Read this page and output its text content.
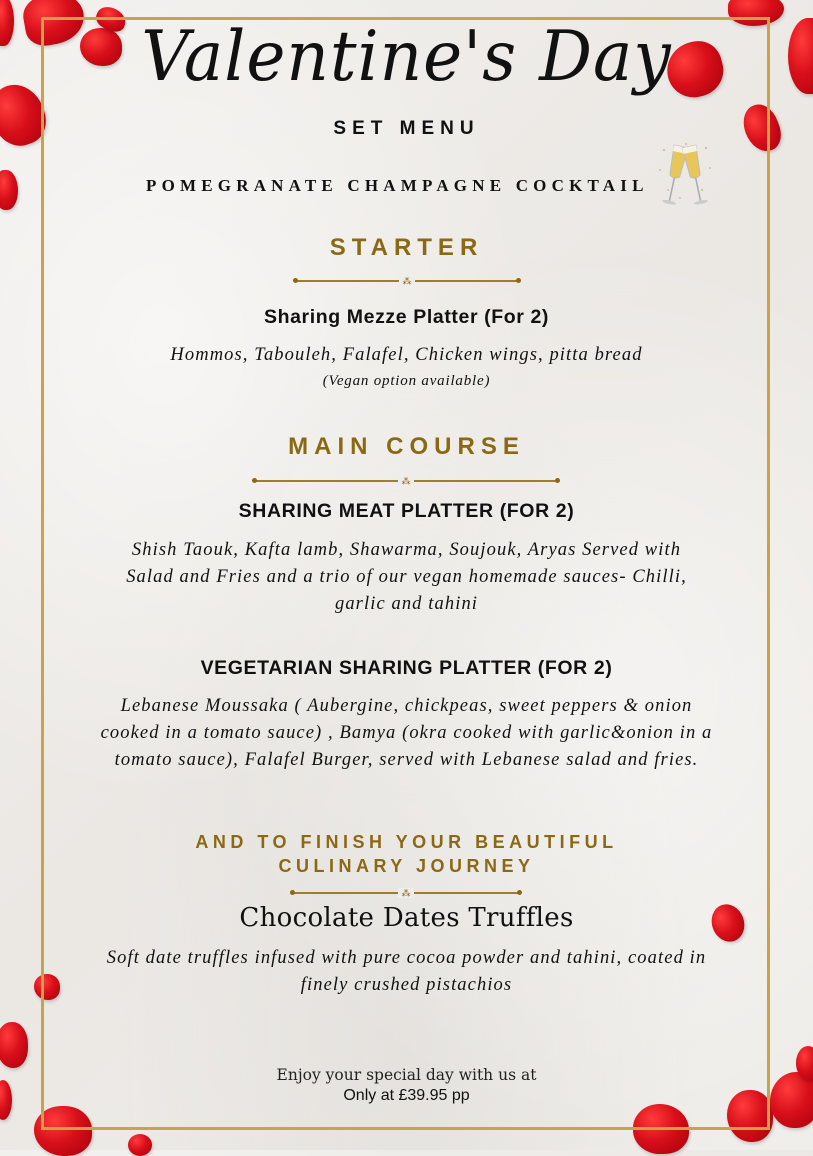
Valentine's Day
SET MENU
POMEGRANATE CHAMPAGNE COCKTAIL
STARTER
⁂
Sharing Mezze Platter (For 2)
Hommos, Tabouleh, Falafel, Chicken wings, pitta bread
(Vegan option available)
MAIN COURSE
⁂
SHARING MEAT PLATTER (FOR 2)
Shish Taouk, Kafta lamb, Shawarma, Soujouk, Aryas Served with
Salad and Fries and a trio of our vegan homemade sauces- Chilli,
garlic and tahini
VEGETARIAN SHARING PLATTER (FOR 2)
Lebanese Moussaka ( Aubergine, chickpeas, sweet peppers & onion
cooked in a tomato sauce) , Bamya (okra cooked with garlic&onion in a
tomato sauce), Falafel Burger, served with Lebanese salad and fries.
AND TO FINISH YOUR BEAUTIFUL
CULINARY JOURNEY
⁂
Chocolate Dates Truffles
Soft date truffles infused with pure cocoa powder and tahini, coated in
finely crushed pistachios
Enjoy your special day with us at
Only at £39.95 pp
